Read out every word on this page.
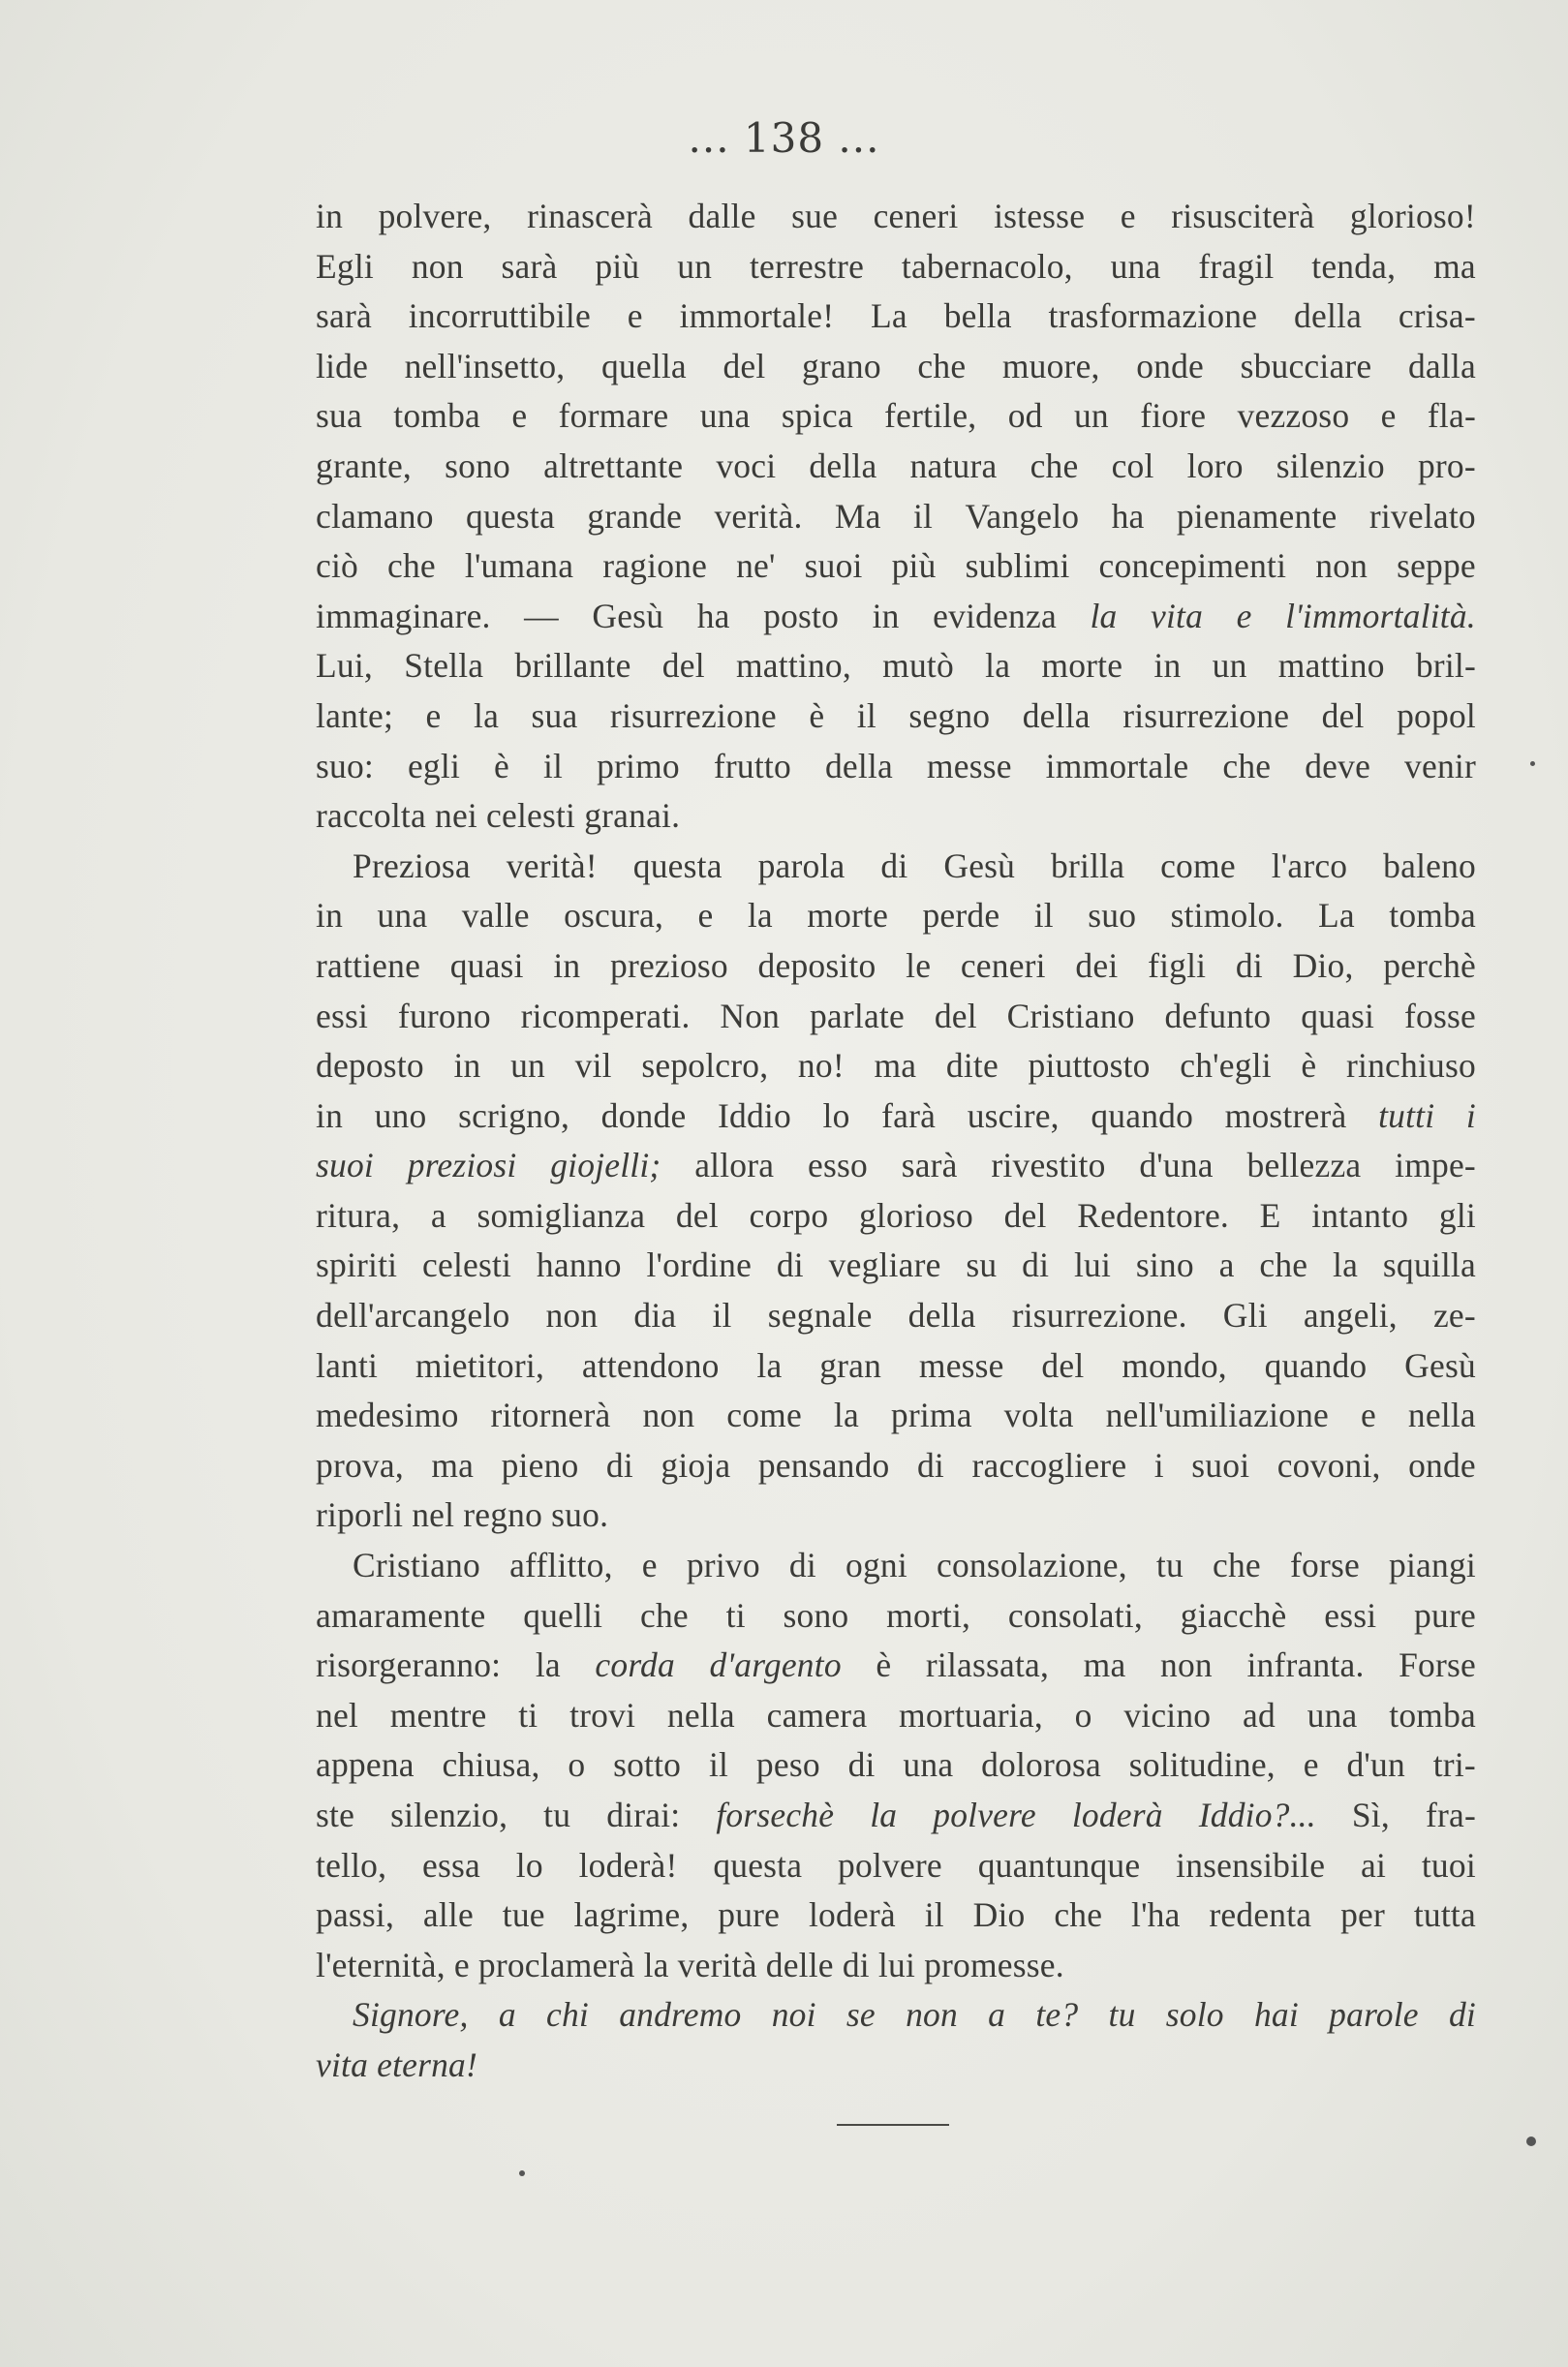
... 138 ...
in polvere, rinascerà dalle sue ceneri istesse e risusciterà glorioso!
Egli non sarà più un terrestre tabernacolo, una fragil tenda, ma
sarà incorruttibile e immortale! La bella trasformazione della crisa-
lide nell'insetto, quella del grano che muore, onde sbucciare dalla
sua tomba e formare una spica fertile, od un fiore vezzoso e fla-
grante, sono altrettante voci della natura che col loro silenzio pro-
clamano questa grande verità. Ma il Vangelo ha pienamente rivelato
ciò che l'umana ragione ne' suoi più sublimi concepimenti non seppe
immaginare. — Gesù ha posto in evidenza la vita e l'immortalità.
Lui, Stella brillante del mattino, mutò la morte in un mattino bril-
lante; e la sua risurrezione è il segno della risurrezione del popol
suo: egli è il primo frutto della messe immortale che deve venir
raccolta nei celesti granai.
Preziosa verità! questa parola di Gesù brilla come l'arco baleno
in una valle oscura, e la morte perde il suo stimolo. La tomba
rattiene quasi in prezioso deposito le ceneri dei figli di Dio, perchè
essi furono ricomperati. Non parlate del Cristiano defunto quasi fosse
deposto in un vil sepolcro, no! ma dite piuttosto ch'egli è rinchiuso
in uno scrigno, donde Iddio lo farà uscire, quando mostrerà tutti i
suoi preziosi giojelli; allora esso sarà rivestito d'una bellezza impe-
ritura, a somiglianza del corpo glorioso del Redentore. E intanto gli
spiriti celesti hanno l'ordine di vegliare su di lui sino a che la squilla
dell'arcangelo non dia il segnale della risurrezione. Gli angeli, ze-
lanti mietitori, attendono la gran messe del mondo, quando Gesù
medesimo ritornerà non come la prima volta nell'umiliazione e nella
prova, ma pieno di gioja pensando di raccogliere i suoi covoni, onde
riporli nel regno suo.
Cristiano afflitto, e privo di ogni consolazione, tu che forse piangi
amaramente quelli che ti sono morti, consolati, giacchè essi pure
risorgeranno: la corda d'argento è rilassata, ma non infranta. Forse
nel mentre ti trovi nella camera mortuaria, o vicino ad una tomba
appena chiusa, o sotto il peso di una dolorosa solitudine, e d'un tri-
ste silenzio, tu dirai: forsechè la polvere loderà Iddio?... Sì, fra-
tello, essa lo loderà! questa polvere quantunque insensibile ai tuoi
passi, alle tue lagrime, pure loderà il Dio che l'ha redenta per tutta
l'eternità, e proclamerà la verità delle di lui promesse.
Signore, a chi andremo noi se non a te? tu solo hai parole di
vita eterna!
